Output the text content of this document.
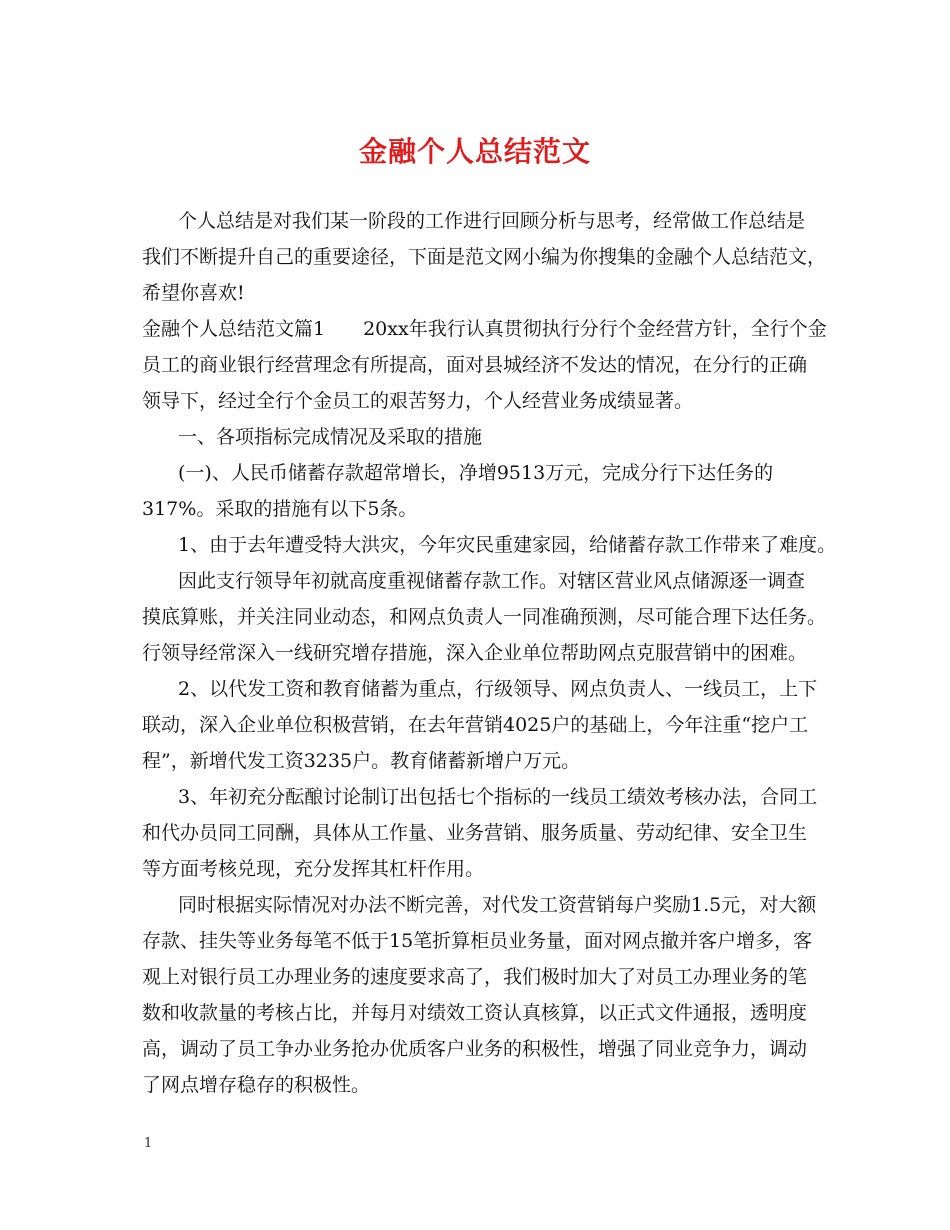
金融个人总结范文
个人总结是对我们某一阶段的工作进行回顾分析与思考，经常做工作总结是
我们不断提升自己的重要途径，下面是范文网小编为你搜集的金融个人总结范文，
希望你喜欢!
金融个人总结范文篇1　　20xx年我行认真贯彻执行分行个金经营方针，全行个金
员工的商业银行经营理念有所提高，面对县城经济不发达的情况，在分行的正确
领导下，经过全行个金员工的艰苦努力，个人经营业务成绩显著。
一、各项指标完成情况及采取的措施
(一)、人民币储蓄存款超常增长，净增9513万元，完成分行下达任务的
317%。采取的措施有以下5条。
1、由于去年遭受特大洪灾，今年灾民重建家园，给储蓄存款工作带来了难度。
因此支行领导年初就高度重视储蓄存款工作。对辖区营业风点储源逐一调查
摸底算账，并关注同业动态，和网点负责人一同准确预测，尽可能合理下达任务。
行领导经常深入一线研究增存措施，深入企业单位帮助网点克服营销中的困难。
2、以代发工资和教育储蓄为重点，行级领导、网点负责人、一线员工，上下
联动，深入企业单位积极营销，在去年营销4025户的基础上，今年注重“挖户工
程”，新增代发工资3235户。教育储蓄新增户万元。
3、年初充分酝酿讨论制订出包括七个指标的一线员工绩效考核办法，合同工
和代办员同工同酬，具体从工作量、业务营销、服务质量、劳动纪律、安全卫生
等方面考核兑现，充分发挥其杠杆作用。
同时根据实际情况对办法不断完善，对代发工资营销每户奖励1.5元，对大额
存款、挂失等业务每笔不低于15笔折算柜员业务量，面对网点撤并客户增多，客
观上对银行员工办理业务的速度要求高了，我们极时加大了对员工办理业务的笔
数和收款量的考核占比，并每月对绩效工资认真核算，以正式文件通报，透明度
高，调动了员工争办业务抢办优质客户业务的积极性，增强了同业竞争力，调动
了网点增存稳存的积极性。
1
